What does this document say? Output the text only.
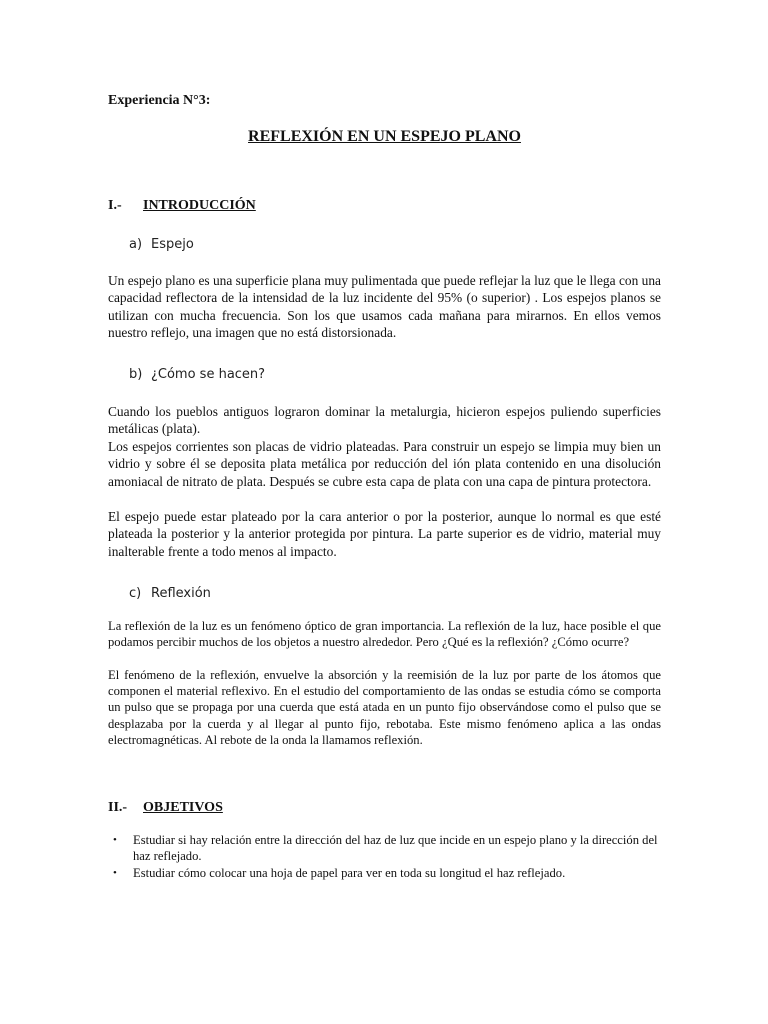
Experiencia N°3:
REFLEXIÓN EN UN ESPEJO PLANO
I.- INTRODUCCIÓN
a) Espejo

Un espejo plano es una superficie plana muy pulimentada que puede reflejar la luz que le llega con una capacidad reflectora de la intensidad de la luz incidente del 95% (o superior) . Los espejos planos se utilizan con mucha frecuencia. Son los que usamos cada mañana para mirarnos. En ellos vemos nuestro reflejo, una imagen que no está distorsionada.

b) ¿Cómo se hacen?

Cuando los pueblos antiguos lograron dominar la metalurgia, hicieron espejos puliendo superficies metálicas (plata).

Los espejos corrientes son placas de vidrio plateadas. Para construir un espejo se limpia muy bien un vidrio y sobre él se deposita plata metálica por reducción del ión plata contenido en una disolución amoniacal de nitrato de plata. Después se cubre esta capa de plata con una capa de pintura protectora.

El espejo puede estar plateado por la cara anterior o por la posterior, aunque lo normal es que esté plateada la posterior y la anterior protegida por pintura. La parte superior es de vidrio, material muy inalterable frente a todo menos al impacto.

c) Reflexión

La reflexión de la luz es un fenómeno óptico de gran importancia. La reflexión de la luz, hace posible el que podamos percibir muchos de los objetos a nuestro alrededor. Pero ¿Qué es la reflexión? ¿Cómo ocurre?

El fenómeno de la reflexión, envuelve la absorción y la reemisión de la luz por parte de los átomos que componen el material reflexivo. En el estudio del comportamiento de las ondas se estudia cómo se comporta un pulso que se propaga por una cuerda que está atada en un punto fijo observándose como el pulso que se desplazaba por la cuerda y al llegar al punto fijo, rebotaba. Este mismo fenómeno aplica a las ondas electromagnéticas. Al rebote de la onda la llamamos reflexión.

II.- OBJETIVOS
• Estudiar si hay relación entre la dirección del haz de luz que incide en un espejo plano y la dirección del haz reflejado.
• Estudiar cómo colocar una hoja de papel para ver en toda su longitud el haz reflejado.
